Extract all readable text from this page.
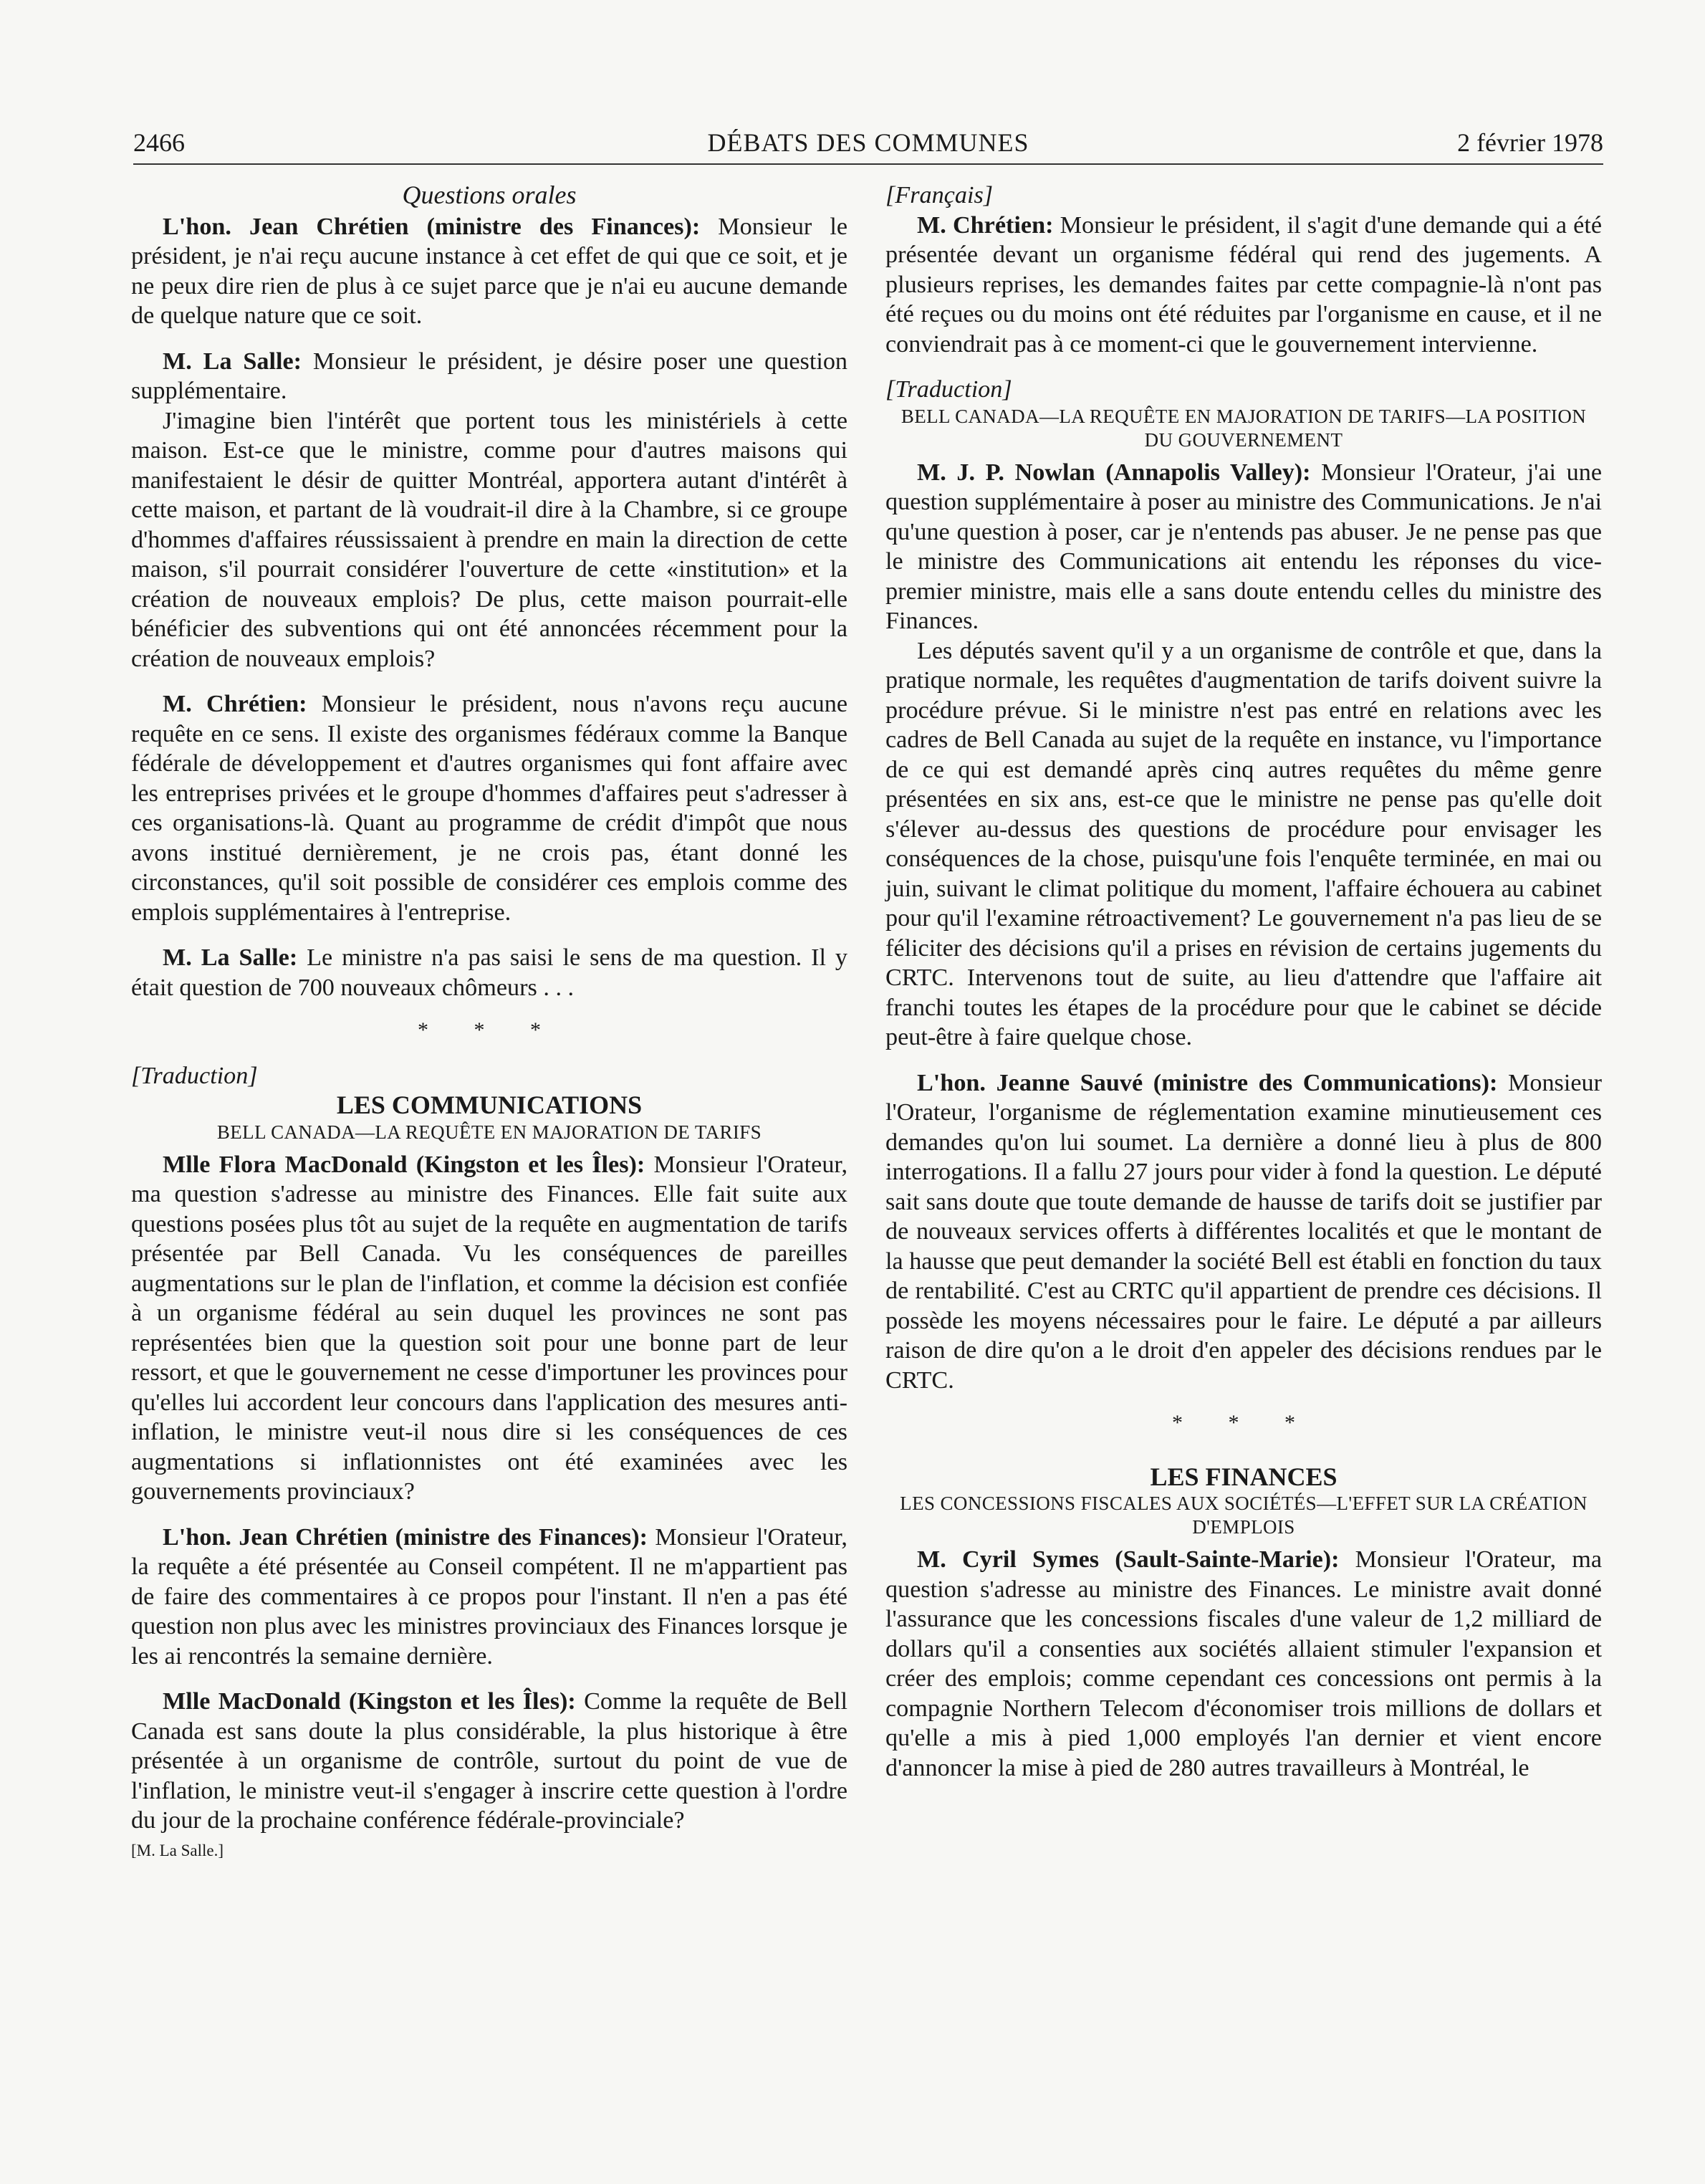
2466	DÉBATS DES COMMUNES	2 février 1978
Questions orales

L'hon. Jean Chrétien (ministre des Finances): Monsieur le président, je n'ai reçu aucune instance à cet effet de qui que ce soit, et je ne peux dire rien de plus à ce sujet parce que je n'ai eu aucune demande de quelque nature que ce soit.

M. La Salle: Monsieur le président, je désire poser une question supplémentaire.

J'imagine bien l'intérêt que portent tous les ministériels à cette maison. Est-ce que le ministre, comme pour d'autres maisons qui manifestaient le désir de quitter Montréal, apportera autant d'intérêt à cette maison, et partant de là voudrait-il dire à la Chambre, si ce groupe d'hommes d'affaires réussissaient à prendre en main la direction de cette maison, s'il pourrait considérer l'ouverture de cette «institution» et la création de nouveaux emplois? De plus, cette maison pourrait-elle bénéficier des subventions qui ont été annoncées récemment pour la création de nouveaux emplois?

M. Chrétien: Monsieur le président, nous n'avons reçu aucune requête en ce sens. Il existe des organismes fédéraux comme la Banque fédérale de développement et d'autres organismes qui font affaire avec les entreprises privées et le groupe d'hommes d'affaires peut s'adresser à ces organisations-là. Quant au programme de crédit d'impôt que nous avons institué dernièrement, je ne crois pas, étant donné les circonstances, qu'il soit possible de considérer ces emplois comme des emplois supplémentaires à l'entreprise.

M. La Salle: Le ministre n'a pas saisi le sens de ma question. Il y était question de 700 nouveaux chômeurs . . .

* * *
[Traduction]
LES COMMUNICATIONS
BELL CANADA—LA REQUÊTE EN MAJORATION DE TARIFS

Mlle Flora MacDonald (Kingston et les Îles): Monsieur l'Orateur, ma question s'adresse au ministre des Finances. Elle fait suite aux questions posées plus tôt au sujet de la requête en augmentation de tarifs présentée par Bell Canada. Vu les conséquences de pareilles augmentations sur le plan de l'inflation, et comme la décision est confiée à un organisme fédéral au sein duquel les provinces ne sont pas représentées bien que la question soit pour une bonne part de leur ressort, et que le gouvernement ne cesse d'importuner les provinces pour qu'elles lui accordent leur concours dans l'application des mesures anti-inflation, le ministre veut-il nous dire si les conséquences de ces augmentations si inflationnistes ont été examinées avec les gouvernements provinciaux?

L'hon. Jean Chrétien (ministre des Finances): Monsieur l'Orateur, la requête a été présentée au Conseil compétent. Il ne m'appartient pas de faire des commentaires à ce propos pour l'instant. Il n'en a pas été question non plus avec les ministres provinciaux des Finances lorsque je les ai rencontrés la semaine dernière.

Mlle MacDonald (Kingston et les Îles): Comme la requête de Bell Canada est sans doute la plus considérable, la plus historique à être présentée à un organisme de contrôle, surtout du point de vue de l'inflation, le ministre veut-il s'engager à inscrire cette question à l'ordre du jour de la prochaine conférence fédérale-provinciale?

[M. La Salle.]

[Français]

M. Chrétien: Monsieur le président, il s'agit d'une demande qui a été présentée devant un organisme fédéral qui rend des jugements. A plusieurs reprises, les demandes faites par cette compagnie-là n'ont pas été reçues ou du moins ont été réduites par l'organisme en cause, et il ne conviendrait pas à ce moment-ci que le gouvernement intervienne.

[Traduction]
BELL CANADA—LA REQUÊTE EN MAJORATION DE TARIFS—LA POSITION DU GOUVERNEMENT

M. J. P. Nowlan (Annapolis Valley): Monsieur l'Orateur, j'ai une question supplémentaire à poser au ministre des Communications. Je n'ai qu'une question à poser, car je n'entends pas abuser. Je ne pense pas que le ministre des Communications ait entendu les réponses du vice-premier ministre, mais elle a sans doute entendu celles du ministre des Finances.

Les députés savent qu'il y a un organisme de contrôle et que, dans la pratique normale, les requêtes d'augmentation de tarifs doivent suivre la procédure prévue. Si le ministre n'est pas entré en relations avec les cadres de Bell Canada au sujet de la requête en instance, vu l'importance de ce qui est demandé après cinq autres requêtes du même genre présentées en six ans, est-ce que le ministre ne pense pas qu'elle doit s'élever au-dessus des questions de procédure pour envisager les conséquences de la chose, puisqu'une fois l'enquête terminée, en mai ou juin, suivant le climat politique du moment, l'affaire échouera au cabinet pour qu'il l'examine rétroactivement? Le gouvernement n'a pas lieu de se féliciter des décisions qu'il a prises en révision de certains jugements du CRTC. Intervenons tout de suite, au lieu d'attendre que l'affaire ait franchi toutes les étapes de la procédure pour que le cabinet se décide peut-être à faire quelque chose.

L'hon. Jeanne Sauvé (ministre des Communications): Monsieur l'Orateur, l'organisme de réglementation examine minutieusement ces demandes qu'on lui soumet. La dernière a donné lieu à plus de 800 interrogations. Il a fallu 27 jours pour vider à fond la question. Le député sait sans doute que toute demande de hausse de tarifs doit se justifier par de nouveaux services offerts à différentes localités et que le montant de la hausse que peut demander la société Bell est établi en fonction du taux de rentabilité. C'est au CRTC qu'il appartient de prendre ces décisions. Il possède les moyens nécessaires pour le faire. Le député a par ailleurs raison de dire qu'on a le droit d'en appeler des décisions rendues par le CRTC.

* * *
LES FINANCES
LES CONCESSIONS FISCALES AUX SOCIÉTÉS—L'EFFET SUR LA CRÉATION D'EMPLOIS

M. Cyril Symes (Sault-Sainte-Marie): Monsieur l'Orateur, ma question s'adresse au ministre des Finances. Le ministre avait donné l'assurance que les concessions fiscales d'une valeur de 1,2 milliard de dollars qu'il a consenties aux sociétés allaient stimuler l'expansion et créer des emplois; comme cependant ces concessions ont permis à la compagnie Northern Telecom d'économiser trois millions de dollars et qu'elle a mis à pied 1,000 employés l'an dernier et vient encore d'annoncer la mise à pied de 280 autres travailleurs à Montréal, le
